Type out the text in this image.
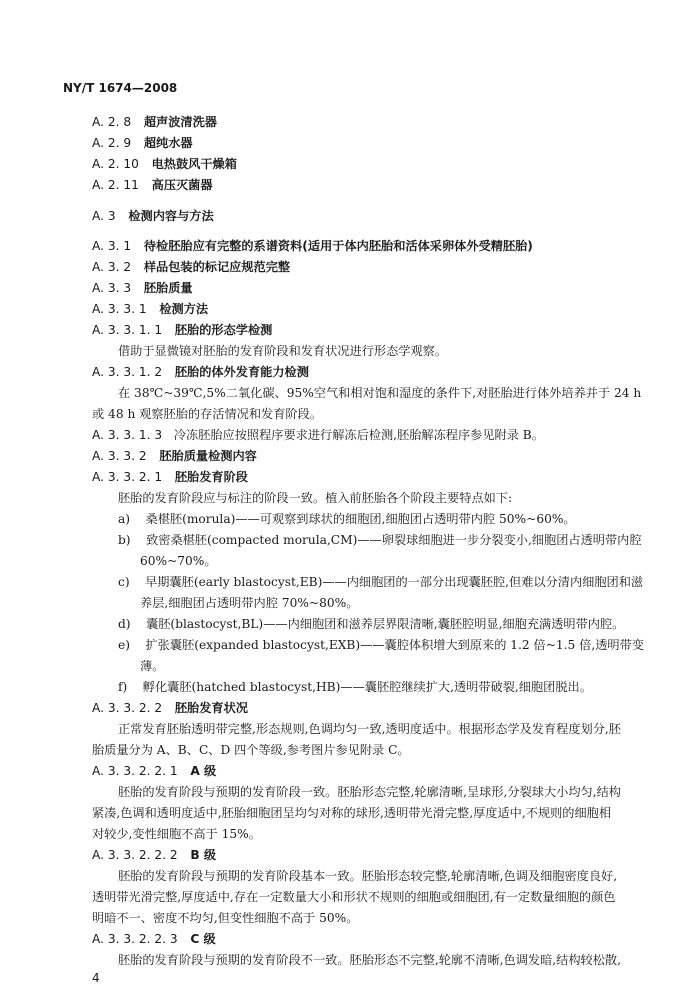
NY/T 1674—2008
A. 2. 8 超声波清洗器
A. 2. 9 超纯水器
A. 2. 10 电热鼓风干燥箱
A. 2. 11 高压灭菌器
A. 3 检测内容与方法
A. 3. 1 待检胚胎应有完整的系谱资料(适用于体内胚胎和活体采卵体外受精胚胎)
A. 3. 2 样品包装的标记应规范完整
A. 3. 3 胚胎质量
A. 3. 3. 1 检测方法
A. 3. 3. 1. 1 胚胎的形态学检测
借助于显微镜对胚胎的发育阶段和发育状况进行形态学观察。
A. 3. 3. 1. 2 胚胎的体外发育能力检测
在 38℃~39℃,5%二氧化碳、95%空气和相对饱和湿度的条件下,对胚胎进行体外培养并于 24 h
或 48 h 观察胚胎的存活情况和发育阶段。
A. 3. 3. 1. 3 冷冻胚胎应按照程序要求进行解冻后检测,胚胎解冻程序参见附录 B。
A. 3. 3. 2 胚胎质量检测内容
A. 3. 3. 2. 1 胚胎发育阶段
胚胎的发育阶段应与标注的阶段一致。植入前胚胎各个阶段主要特点如下:
a) 桑椹胚(morula)——可观察到球状的细胞团,细胞团占透明带内腔 50%~60%。
b) 致密桑椹胚(compacted morula,CM)——卵裂球细胞进一步分裂变小,细胞团占透明带内腔
60%~70%。
c) 早期囊胚(early blastocyst,EB)——内细胞团的一部分出现囊胚腔,但难以分清内细胞团和滋
养层,细胞团占透明带内腔 70%~80%。
d) 囊胚(blastocyst,BL)——内细胞团和滋养层界限清晰,囊胚腔明显,细胞充满透明带内腔。
e) 扩张囊胚(expanded blastocyst,EXB)——囊腔体积增大到原来的 1.2 倍~1.5 倍,透明带变
薄。
f) 孵化囊胚(hatched blastocyst,HB)——囊胚腔继续扩大,透明带破裂,细胞团脱出。
A. 3. 3. 2. 2 胚胎发育状况
正常发育胚胎透明带完整,形态规则,色调均匀一致,透明度适中。根据形态学及发育程度划分,胚
胎质量分为 A、B、C、D 四个等级,参考图片参见附录 C。
A. 3. 3. 2. 2. 1 A 级
胚胎的发育阶段与预期的发育阶段一致。胚胎形态完整,轮廓清晰,呈球形,分裂球大小均匀,结构
紧凑,色调和透明度适中,胚胎细胞团呈均匀对称的球形,透明带光滑完整,厚度适中,不规则的细胞相
对较少,变性细胞不高于 15%。
A. 3. 3. 2. 2. 2 B 级
胚胎的发育阶段与预期的发育阶段基本一致。胚胎形态较完整,轮廓清晰,色调及细胞密度良好,
透明带光滑完整,厚度适中,存在一定数量大小和形状不规则的细胞或细胞团,有一定数量细胞的颜色
明暗不一、密度不均匀,但变性细胞不高于 50%。
A. 3. 3. 2. 2. 3 C 级
胚胎的发育阶段与预期的发育阶段不一致。胚胎形态不完整,轮廓不清晰,色调发暗,结构较松散,
4
